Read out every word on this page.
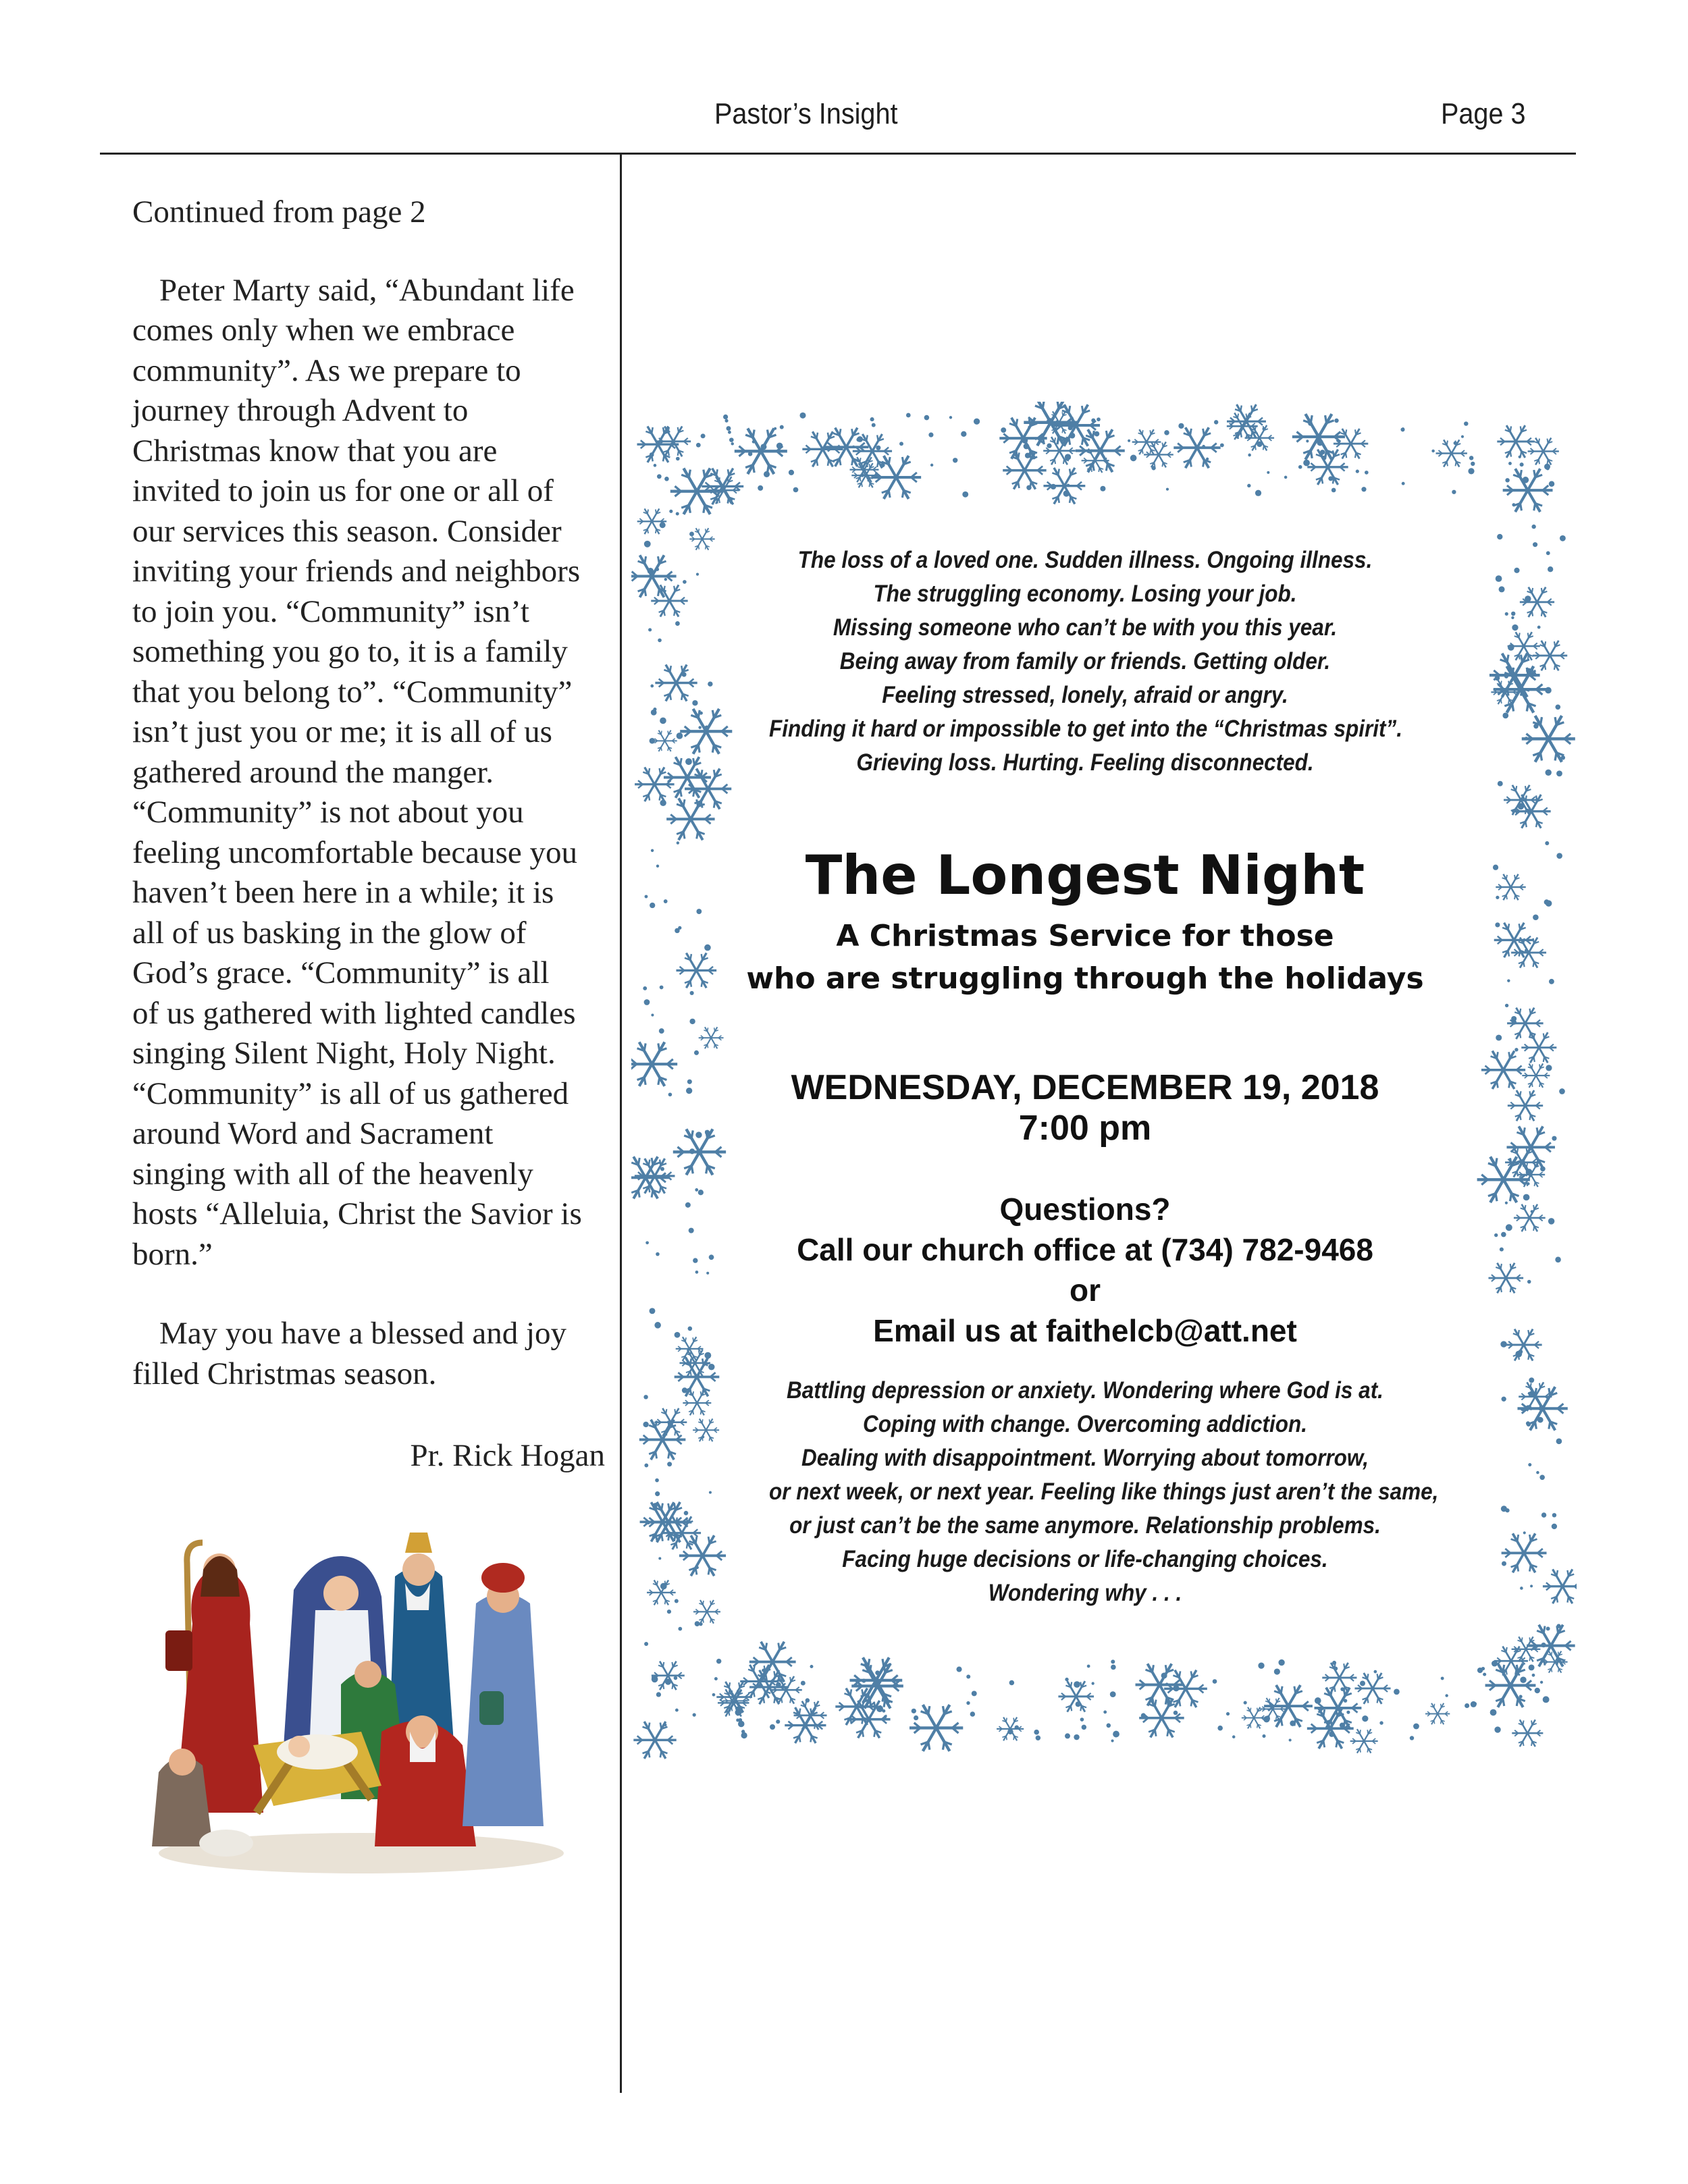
Pastor’s Insight	Page 3
Continued from page 2
Peter Marty said, “Abundant life
comes only when we embrace
community”. As we prepare to
journey through Advent to
Christmas know that you are
invited to join us for one or all of
our services this season. Consider
inviting your friends and neighbors
to join you. “Community” isn’t
something you go to, it is a family
that you belong to”. “Community”
isn’t just you or me; it is all of us
gathered around the manger.
“Community” is not about you
feeling uncomfortable because you
haven’t been here in a while; it is
all of us basking in the glow of
God’s grace. “Community” is all
of us gathered with lighted candles
singing Silent Night, Holy Night.
“Community” is all of us gathered
around Word and Sacrament
singing with all of the heavenly
hosts “Alleluia, Christ the Savior is
born.”

May you have a blessed and joy
filled Christmas season.

Pr. Rick Hogan

The loss of a loved one. Sudden illness. Ongoing illness.
The struggling economy. Losing your job.
Missing someone who can’t be with you this year.
Being away from family or friends. Getting older.
Feeling stressed, lonely, afraid or angry.
Finding it hard or impossible to get into the “Christmas spirit”.
Grieving loss. Hurting. Feeling disconnected.
The Longest Night
A Christmas Service for those
who are struggling through the holidays
WEDNESDAY, DECEMBER 19, 2018
7:00 pm
Questions?
Call our church office at (734) 782-9468
or
Email us at faithelcb@att.net
Battling depression or anxiety. Wondering where God is at.
Coping with change. Overcoming addiction.
Dealing with disappointment. Worrying about tomorrow,
or next week, or next year. Feeling like things just aren’t the same,
or just can’t be the same anymore. Relationship problems.
Facing huge decisions or life-changing choices.
Wondering why . . .
